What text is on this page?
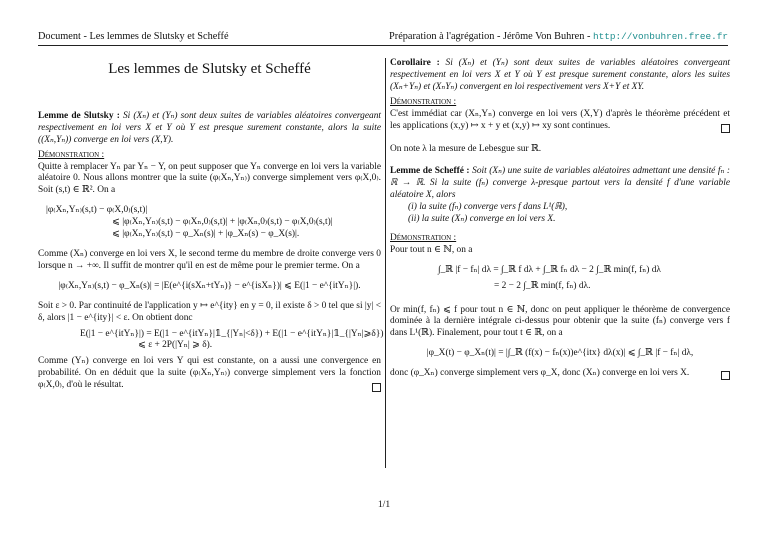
Document - Les lemmes de Slutsky et Scheffé	Préparation à l'agrégation - Jérôme Von Buhren - http://vonbuhren.free.fr
Les lemmes de Slutsky et Scheffé

Lemme de Slutsky : Si (Xₙ) et (Yₙ) sont deux suites de variables aléatoires convergeant respectivement en loi vers X et Y où Y est presque surement constante, alors la suite ((Xₙ,Yₙ)) converge en loi vers (X,Y).

Démonstration :

Quitte à remplacer Yₙ par Yₙ − Y, on peut supposer que Yₙ converge en loi vers la variable aléatoire 0. Nous allons montrer que la suite (φ₍Xₙ,Yₙ₎) converge simplement vers φ₍X,0₎. Soit (s,t) ∈ ℝ². On a

|φ₍Xₙ,Yₙ₎(s,t) − φ₍X,0₎(s,t)|
⩽ |φ₍Xₙ,Yₙ₎(s,t) − φ₍Xₙ,0₎(s,t)| + |φ₍Xₙ,0₎(s,t) − φ₍X,0₎(s,t)|
⩽ |φ₍Xₙ,Yₙ₎(s,t) − φ_Xₙ(s)| + |φ_Xₙ(s) − φ_X(s)|.

Comme (Xₙ) converge en loi vers X, le second terme du membre de droite converge vers 0 lorsque n → +∞. Il suffit de montrer qu'il en est de même pour le premier terme. On a

|φ₍Xₙ,Yₙ₎(s,t) − φ_Xₙ(s)| = |E(e^{i(sXₙ+tYₙ)} − e^{isXₙ})| ⩽ E(|1 − e^{itYₙ}|).

Soit ε > 0. Par continuité de l'application y ↦ e^{ity} en y = 0, il existe δ > 0 tel que si |y| < δ, alors |1 − e^{ity}| < ε. On obtient donc

E(|1 − e^{itYₙ}|) = E(|1 − e^{itYₙ}|𝟙_{|Yₙ|<δ}) + E(|1 − e^{itYₙ}|𝟙_{|Yₙ|⩾δ})
⩽ ε + 2P(|Yₙ| ⩾ δ).

Comme (Yₙ) converge en loi vers Y qui est constante, on a aussi une convergence en probabilité. On en déduit que la suite (φ₍Xₙ,Yₙ₎) converge simplement vers la fonction φ₍X,0₎, d'où le résultat.

Corollaire : Si (Xₙ) et (Yₙ) sont deux suites de variables aléatoires convergeant respectivement en loi vers X et Y où Y est presque surement constante, alors les suites (Xₙ+Yₙ) et (XₙYₙ) convergent en loi respectivement vers X+Y et XY.

Démonstration :

C'est immédiat car (Xₙ,Yₙ) converge en loi vers (X,Y) d'après le théorème précédent et les applications (x,y) ↦ x + y et (x,y) ↦ xy sont continues.

On note λ la mesure de Lebesgue sur ℝ.

Lemme de Scheffé : Soit (Xₙ) une suite de variables aléatoires admettant une densité fₙ : ℝ → ℝ. Si la suite (fₙ) converge λ-presque partout vers la densité f d'une variable aléatoire X, alors

(i) la suite (fₙ) converge vers f dans L¹(ℝ),
(ii) la suite (Xₙ) converge en loi vers X.
Démonstration :

Pour tout n ∈ ℕ, on a

∫_ℝ |f − fₙ| dλ = ∫_ℝ f dλ + ∫_ℝ fₙ dλ − 2 ∫_ℝ min(f, fₙ) dλ
= 2 − 2 ∫_ℝ min(f, fₙ) dλ.

Or min(f, fₙ) ⩽ f pour tout n ∈ ℕ, donc on peut appliquer le théorème de convergence dominée à la dernière intégrale ci-dessus pour obtenir que la suite (fₙ) converge vers f dans L¹(ℝ). Finalement, pour tout t ∈ ℝ, on a

|φ_X(t) − φ_Xₙ(t)| = |∫_ℝ (f(x) − fₙ(x))e^{itx} dλ(x)| ⩽ ∫_ℝ |f − fₙ| dλ,

donc (φ_Xₙ) converge simplement vers φ_X, donc (Xₙ) converge en loi vers X.

1/1
